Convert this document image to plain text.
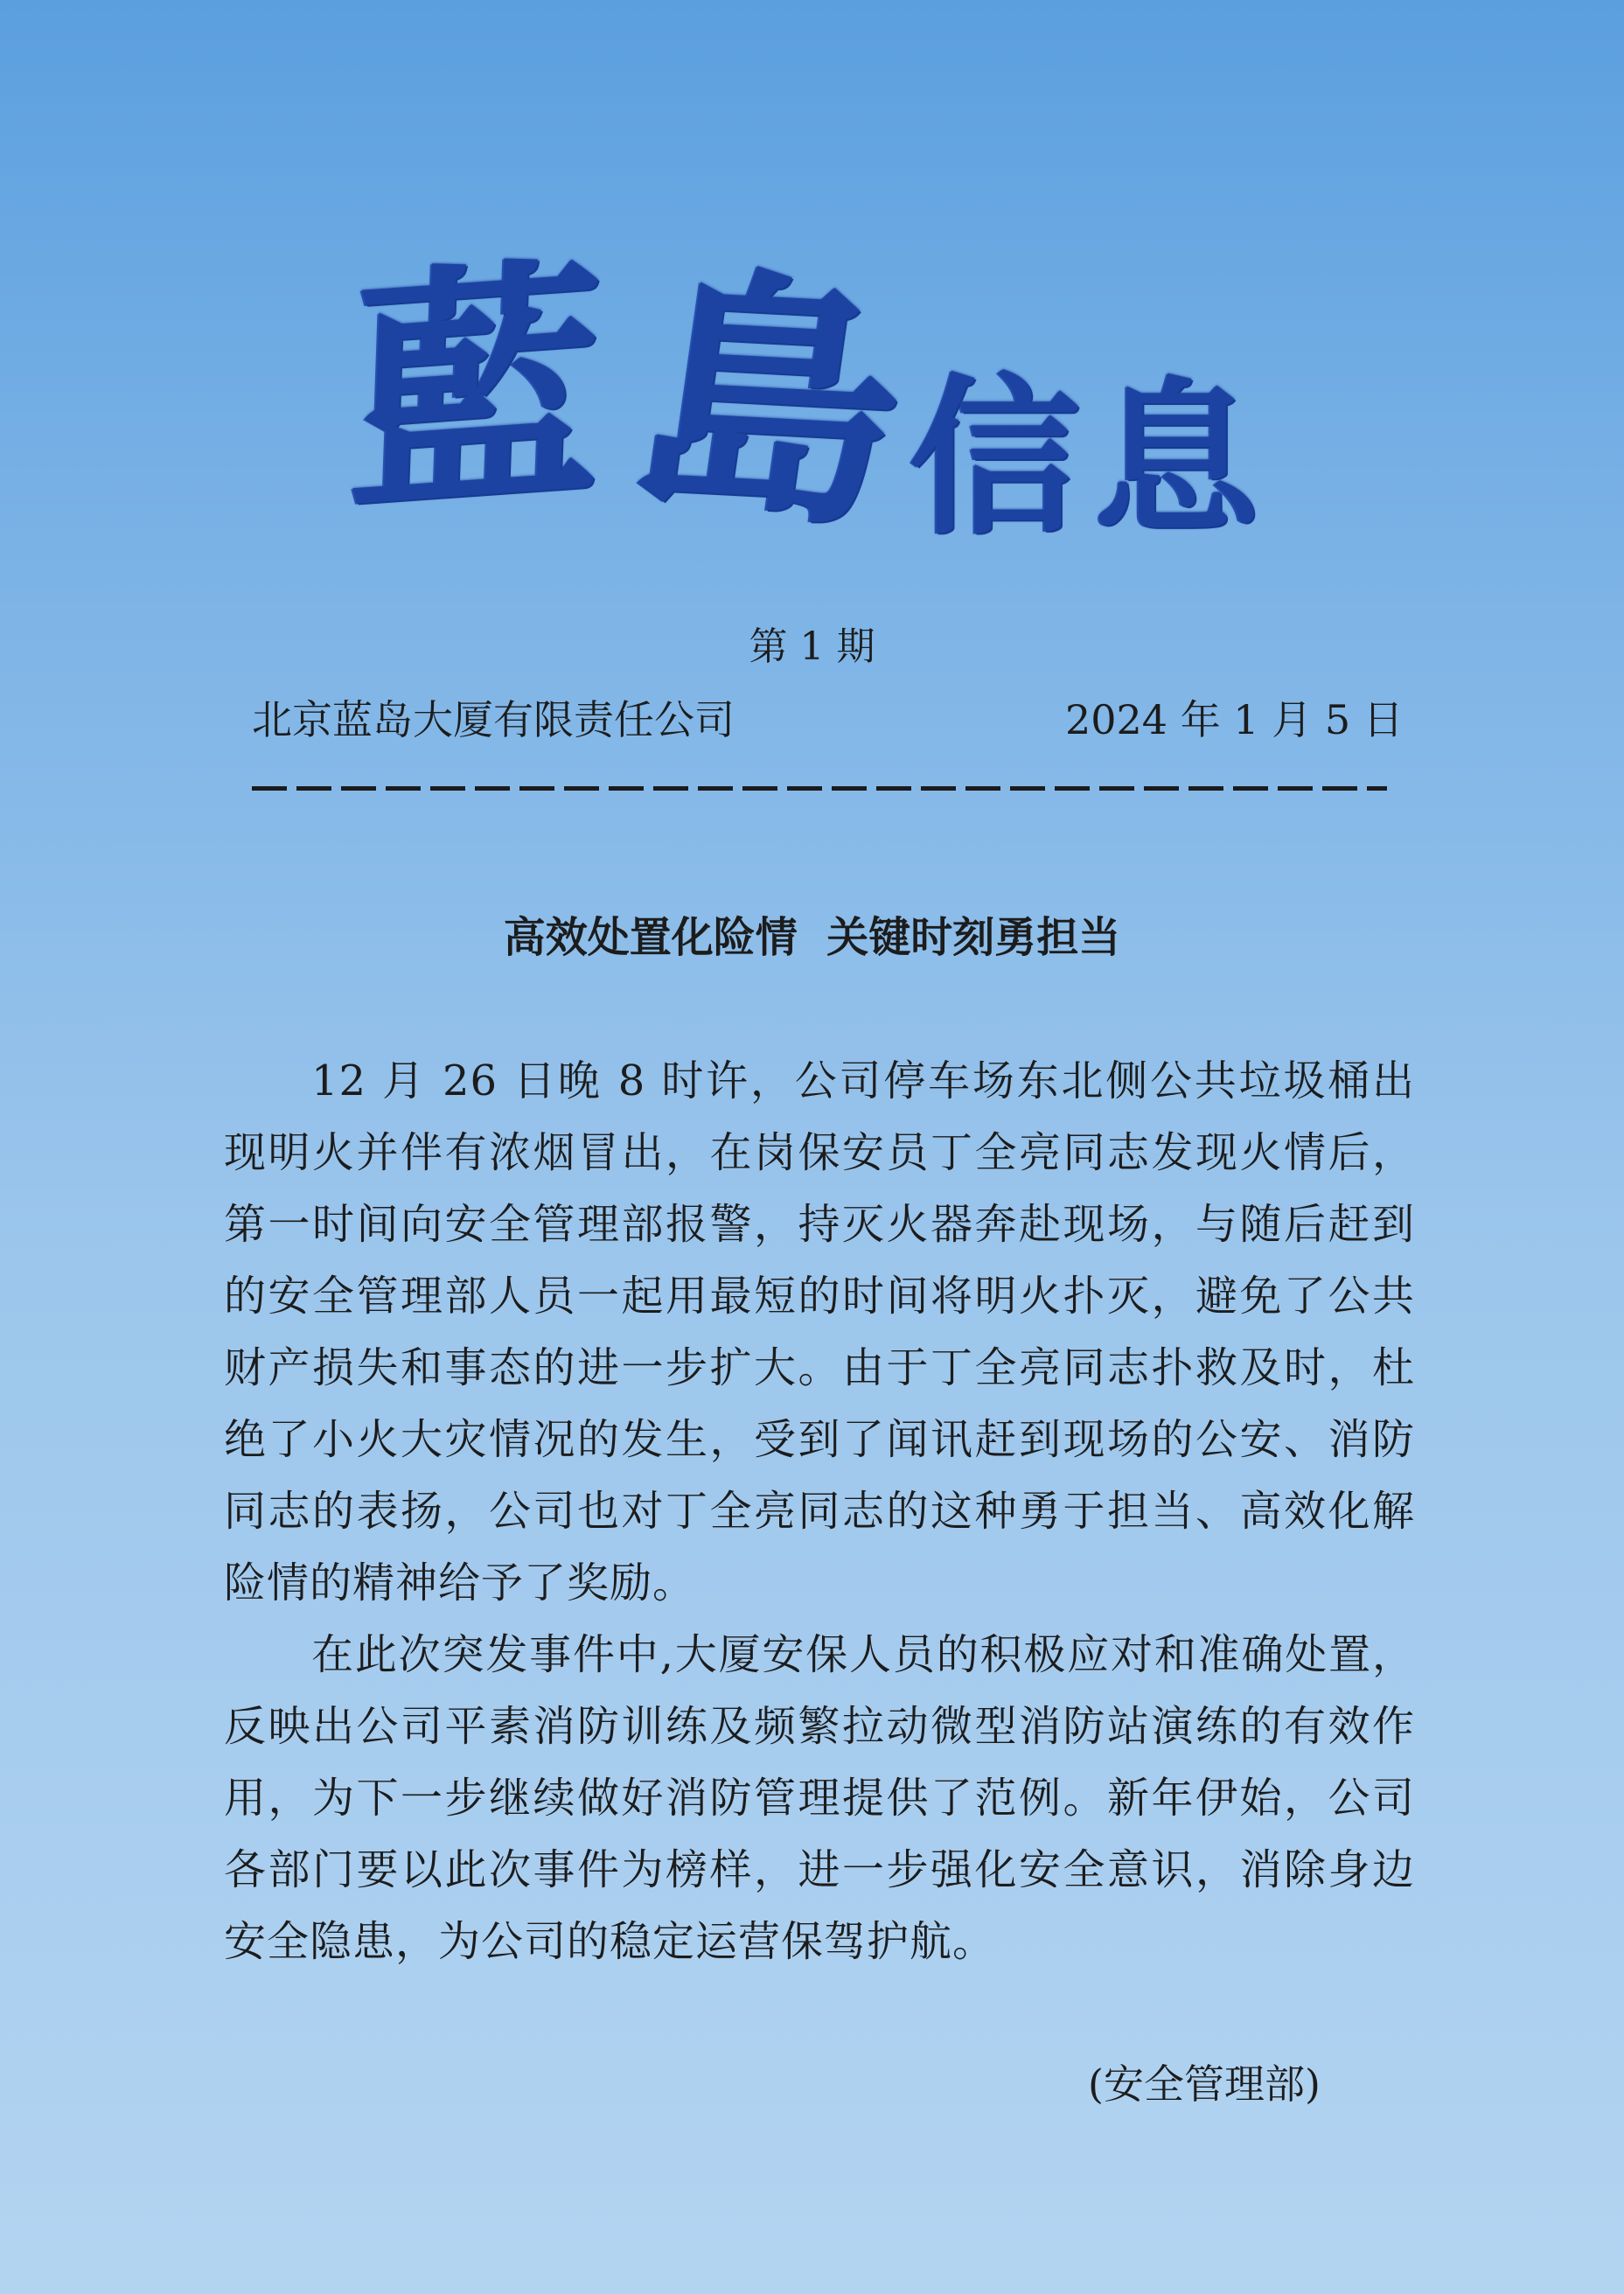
藍 島
信 息
第 1 期
北京蓝岛大厦有限责任公司	2024 年 1 月 5 日
高效处置化险情  关键时刻勇担当

12 月 26 日晚 8 时许，公司停车场东北侧公共垃圾桶出现明火并伴有浓烟冒出，在岗保安员丁全亮同志发现火情后，第一时间向安全管理部报警，持灭火器奔赴现场，与随后赶到的安全管理部人员一起用最短的时间将明火扑灭，避免了公共财产损失和事态的进一步扩大。由于丁全亮同志扑救及时，杜绝了小火大灾情况的发生，受到了闻讯赶到现场的公安、消防同志的表扬，公司也对丁全亮同志的这种勇于担当、高效化解险情的精神给予了奖励。

在此次突发事件中,大厦安保人员的积极应对和准确处置，反映出公司平素消防训练及频繁拉动微型消防站演练的有效作用，为下一步继续做好消防管理提供了范例。新年伊始，公司各部门要以此次事件为榜样，进一步强化安全意识，消除身边安全隐患，为公司的稳定运营保驾护航。

(安全管理部)
